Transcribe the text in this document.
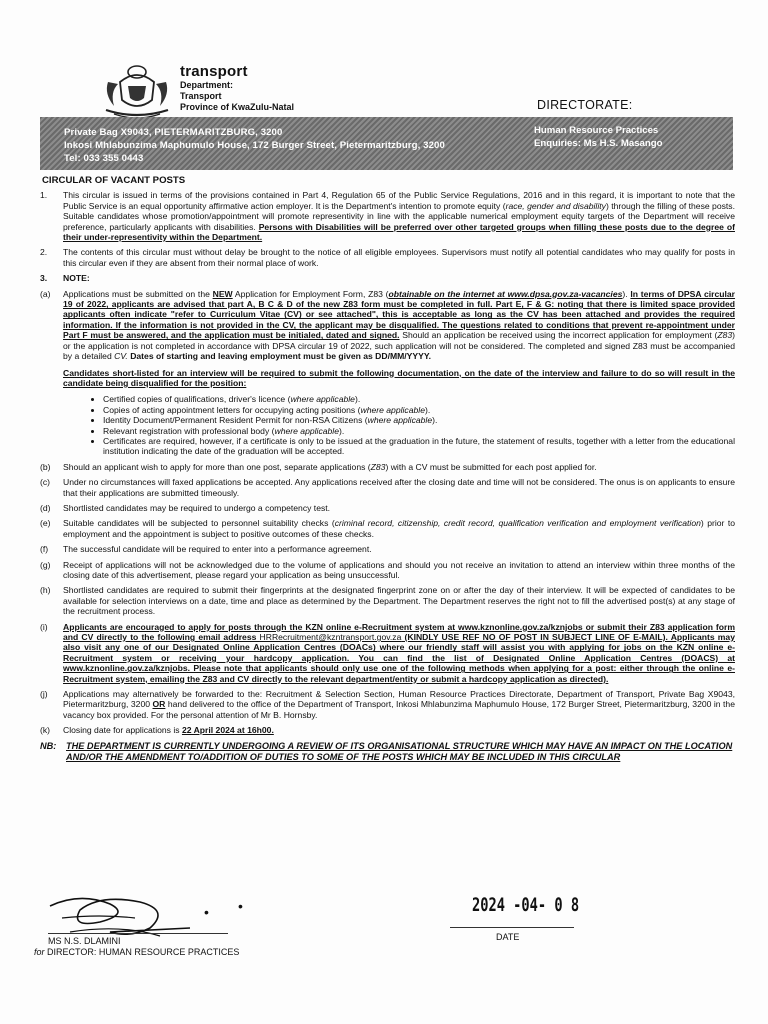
transport
Department:
Transport
Province of KwaZulu-Natal	DIRECTORATE:
Private Bag X9043, PIETERMARITZBURG, 3200
Inkosi Mhlabunzima Maphumulo House, 172 Burger Street, Pietermaritzburg, 3200
Tel: 033 355 0443
Human Resource Practices
Enquiries: Ms H.S. Masango
CIRCULAR OF VACANT POSTS
1. This circular is issued in terms of the provisions contained in Part 4, Regulation 65 of the Public Service Regulations, 2016 and in this regard, it is important to note that the Public Service is an equal opportunity affirmative action employer. It is the Department's intention to promote equity (race, gender and disability) through the filling of these posts. Suitable candidates whose promotion/appointment will promote representivity in line with the applicable numerical employment equity targets of the Department will receive preference, particularly applicants with disabilities. Persons with Disabilities will be preferred over other targeted groups when filling these posts due to the degree of their under-representivity within the Department.
2. The contents of this circular must without delay be brought to the notice of all eligible employees. Supervisors must notify all potential candidates who may qualify for posts in this circular even if they are absent from their normal place of work.
3. NOTE:
(a) Applications must be submitted on the NEW Application for Employment Form, Z83 (obtainable on the internet at www.dpsa.gov.za-vacancies). In terms of DPSA circular 19 of 2022, applicants are advised that part A, B C & D of the new Z83 form must be completed in full. Part E, F & G: noting that there is limited space provided applicants often indicate "refer to Curriculum Vitae (CV) or see attached", this is acceptable as long as the CV has been attached and provides the required information. If the information is not provided in the CV, the applicant may be disqualified. The questions related to conditions that prevent re-appointment under Part F must be answered, and the application must be initialed, dated and signed. Should an application be received using the incorrect application for employment (Z83) or the application is not completed in accordance with DPSA circular 19 of 2022, such application will not be considered. The completed and signed Z83 must be accompanied by a detailed CV. Dates of starting and leaving employment must be given as DD/MM/YYYY.
Candidates short-listed for an interview will be required to submit the following documentation, on the date of the interview and failure to do so will result in the candidate being disqualified for the position:
• Certified copies of qualifications, driver's licence (where applicable).
• Copies of acting appointment letters for occupying acting positions (where applicable).
• Identity Document/Permanent Resident Permit for non-RSA Citizens (where applicable).
• Relevant registration with professional body (where applicable).
• Certificates are required, however, if a certificate is only to be issued at the graduation in the future, the statement of results, together with a letter from the educational institution indicating the date of the graduation will be accepted.
(b) Should an applicant wish to apply for more than one post, separate applications (Z83) with a CV must be submitted for each post applied for.
(c) Under no circumstances will faxed applications be accepted. Any applications received after the closing date and time will not be considered. The onus is on applicants to ensure that their applications are submitted timeously.
(d) Shortlisted candidates may be required to undergo a competency test.
(e) Suitable candidates will be subjected to personnel suitability checks (criminal record, citizenship, credit record, qualification verification and employment verification) prior to employment and the appointment is subject to positive outcomes of these checks.
(f) The successful candidate will be required to enter into a performance agreement.
(g) Receipt of applications will not be acknowledged due to the volume of applications and should you not receive an invitation to attend an interview within three months of the closing date of this advertisement, please regard your application as being unsuccessful.
(h) Shortlisted candidates are required to submit their fingerprints at the designated fingerprint zone on or after the day of their interview. It will be expected of candidates to be available for selection interviews on a date, time and place as determined by the Department. The Department reserves the right not to fill the advertised post(s) at any stage of the recruitment process.
(i) Applicants are encouraged to apply for posts through the KZN online e-Recruitment system at www.kznonline.gov.za/kznjobs or submit their Z83 application form and CV directly to the following email address HRRecruitment@kzntransport.gov.za (KINDLY USE REF NO OF POST IN SUBJECT LINE OF E-MAIL). Applicants may also visit any one of our Designated Online Application Centres (DOACs) where our friendly staff will assist you with applying for jobs on the KZN online e-Recruitment system or receiving your hardcopy application. You can find the list of Designated Online Application Centres (DOACS) at www.kznonline.gov.za/kznjobs. Please note that applicants should only use one of the following methods when applying for a post: either through the online e-Recruitment system, emailing the Z83 and CV directly to the relevant department/entity or submit a hardcopy application as directed).
(j) Applications may alternatively be forwarded to the: Recruitment & Selection Section, Human Resource Practices Directorate, Department of Transport, Private Bag X9043, Pietermaritzburg, 3200 OR hand delivered to the office of the Department of Transport, Inkosi Mhlabunzima Maphumulo House, 172 Burger Street, Pietermaritzburg, 3200 in the vacancy box provided. For the personal attention of Mr B. Hornsby.
(k) Closing date for applications is 22 April 2024 at 16h00.
NB: THE DEPARTMENT IS CURRENTLY UNDERGOING A REVIEW OF ITS ORGANISATIONAL STRUCTURE WHICH MAY HAVE AN IMPACT ON THE LOCATION AND/OR THE AMENDMENT TO/ADDITION OF DUTIES TO SOME OF THE POSTS WHICH MAY BE INCLUDED IN THIS CIRCULAR
• •
MS N.S. DLAMINI
for DIRECTOR: HUMAN RESOURCE PRACTICES
2024 -04- 0 8
DATE
